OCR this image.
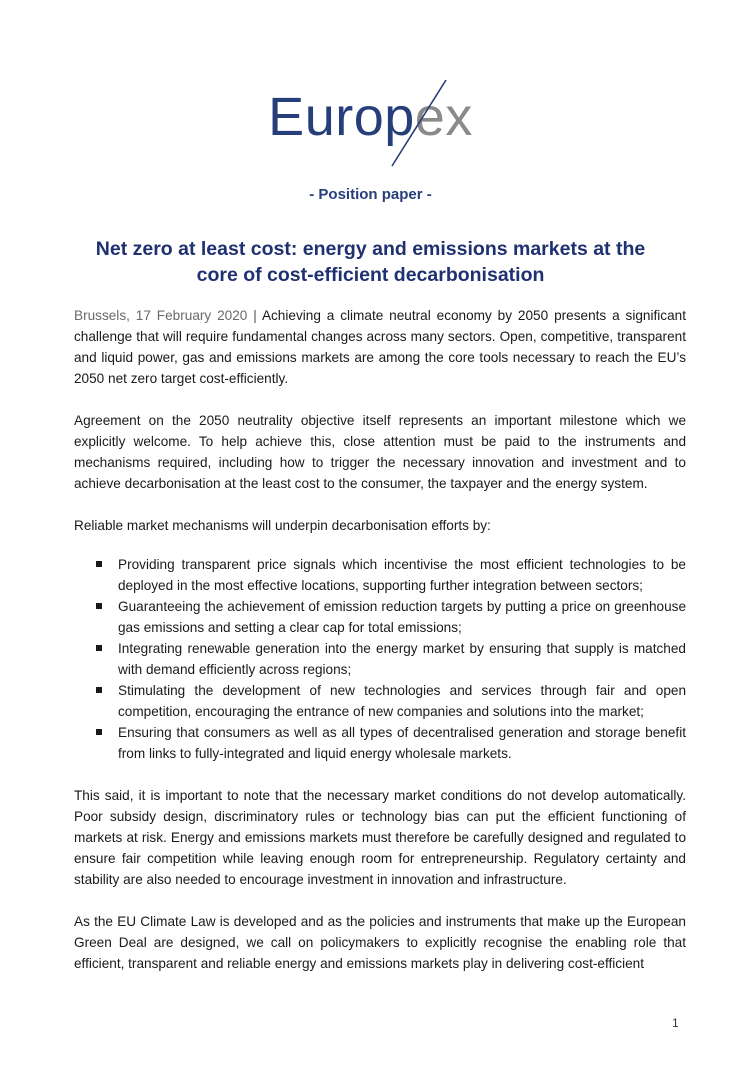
Europex
- Position paper -
Net zero at least cost: energy and emissions markets at the core of cost-efficient decarbonisation

Brussels, 17 February 2020 | Achieving a climate neutral economy by 2050 presents a significant challenge that will require fundamental changes across many sectors. Open, competitive, transparent and liquid power, gas and emissions markets are among the core tools necessary to reach the EU’s 2050 net zero target cost-efficiently.

Agreement on the 2050 neutrality objective itself represents an important milestone which we explicitly welcome. To help achieve this, close attention must be paid to the instruments and mechanisms required, including how to trigger the necessary innovation and investment and to achieve decarbonisation at the least cost to the consumer, the taxpayer and the energy system.

Reliable market mechanisms will underpin decarbonisation efforts by:

Providing transparent price signals which incentivise the most efficient technologies to be deployed in the most effective locations, supporting further integration between sectors;
Guaranteeing the achievement of emission reduction targets by putting a price on greenhouse gas emissions and setting a clear cap for total emissions;
Integrating renewable generation into the energy market by ensuring that supply is matched with demand efficiently across regions;
Stimulating the development of new technologies and services through fair and open competition, encouraging the entrance of new companies and solutions into the market;
Ensuring that consumers as well as all types of decentralised generation and storage benefit from links to fully-integrated and liquid energy wholesale markets.

This said, it is important to note that the necessary market conditions do not develop automatically. Poor subsidy design, discriminatory rules or technology bias can put the efficient functioning of markets at risk. Energy and emissions markets must therefore be carefully designed and regulated to ensure fair competition while leaving enough room for entrepreneurship. Regulatory certainty and stability are also needed to encourage investment in innovation and infrastructure.

As the EU Climate Law is developed and as the policies and instruments that make up the European Green Deal are designed, we call on policymakers to explicitly recognise the enabling role that efficient, transparent and reliable energy and emissions markets play in delivering cost-efficient

1
